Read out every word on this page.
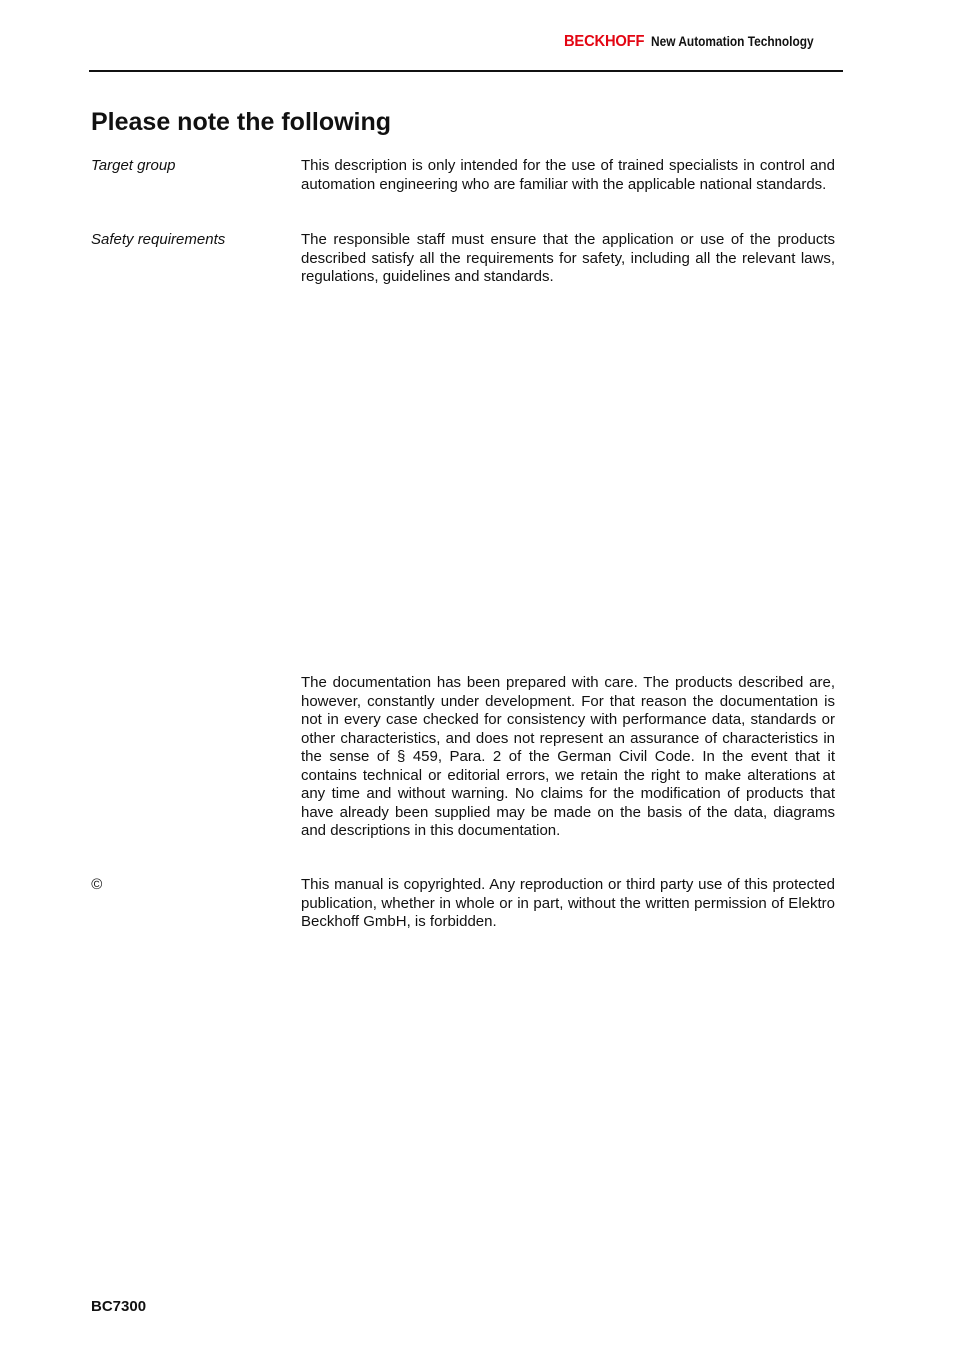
BECKHOFF New Automation Technology
Please note the following
Target group	This description is only intended for the use of trained specialists in control and automation engineering who are familiar with the applicable national standards.

Safety requirements	The responsible staff must ensure that the application or use of the products described satisfy all the requirements for safety, including all the relevant laws, regulations, guidelines and standards.

The documentation has been prepared with care. The products described are, however, constantly under development. For that reason the documentation is not in every case checked for consistency with performance data, standards or other characteristics, and does not represent an assurance of characteristics in the sense of § 459, Para. 2 of the German Civil Code. In the event that it contains technical or editorial errors, we retain the right to make alterations at any time and without warning. No claims for the modification of products that have already been supplied may be made on the basis of the data, diagrams and descriptions in this documentation.

©	This manual is copyrighted. Any reproduction or third party use of this protected publication, whether in whole or in part, without the written permission of Elektro Beckhoff GmbH, is forbidden.

BC7300
